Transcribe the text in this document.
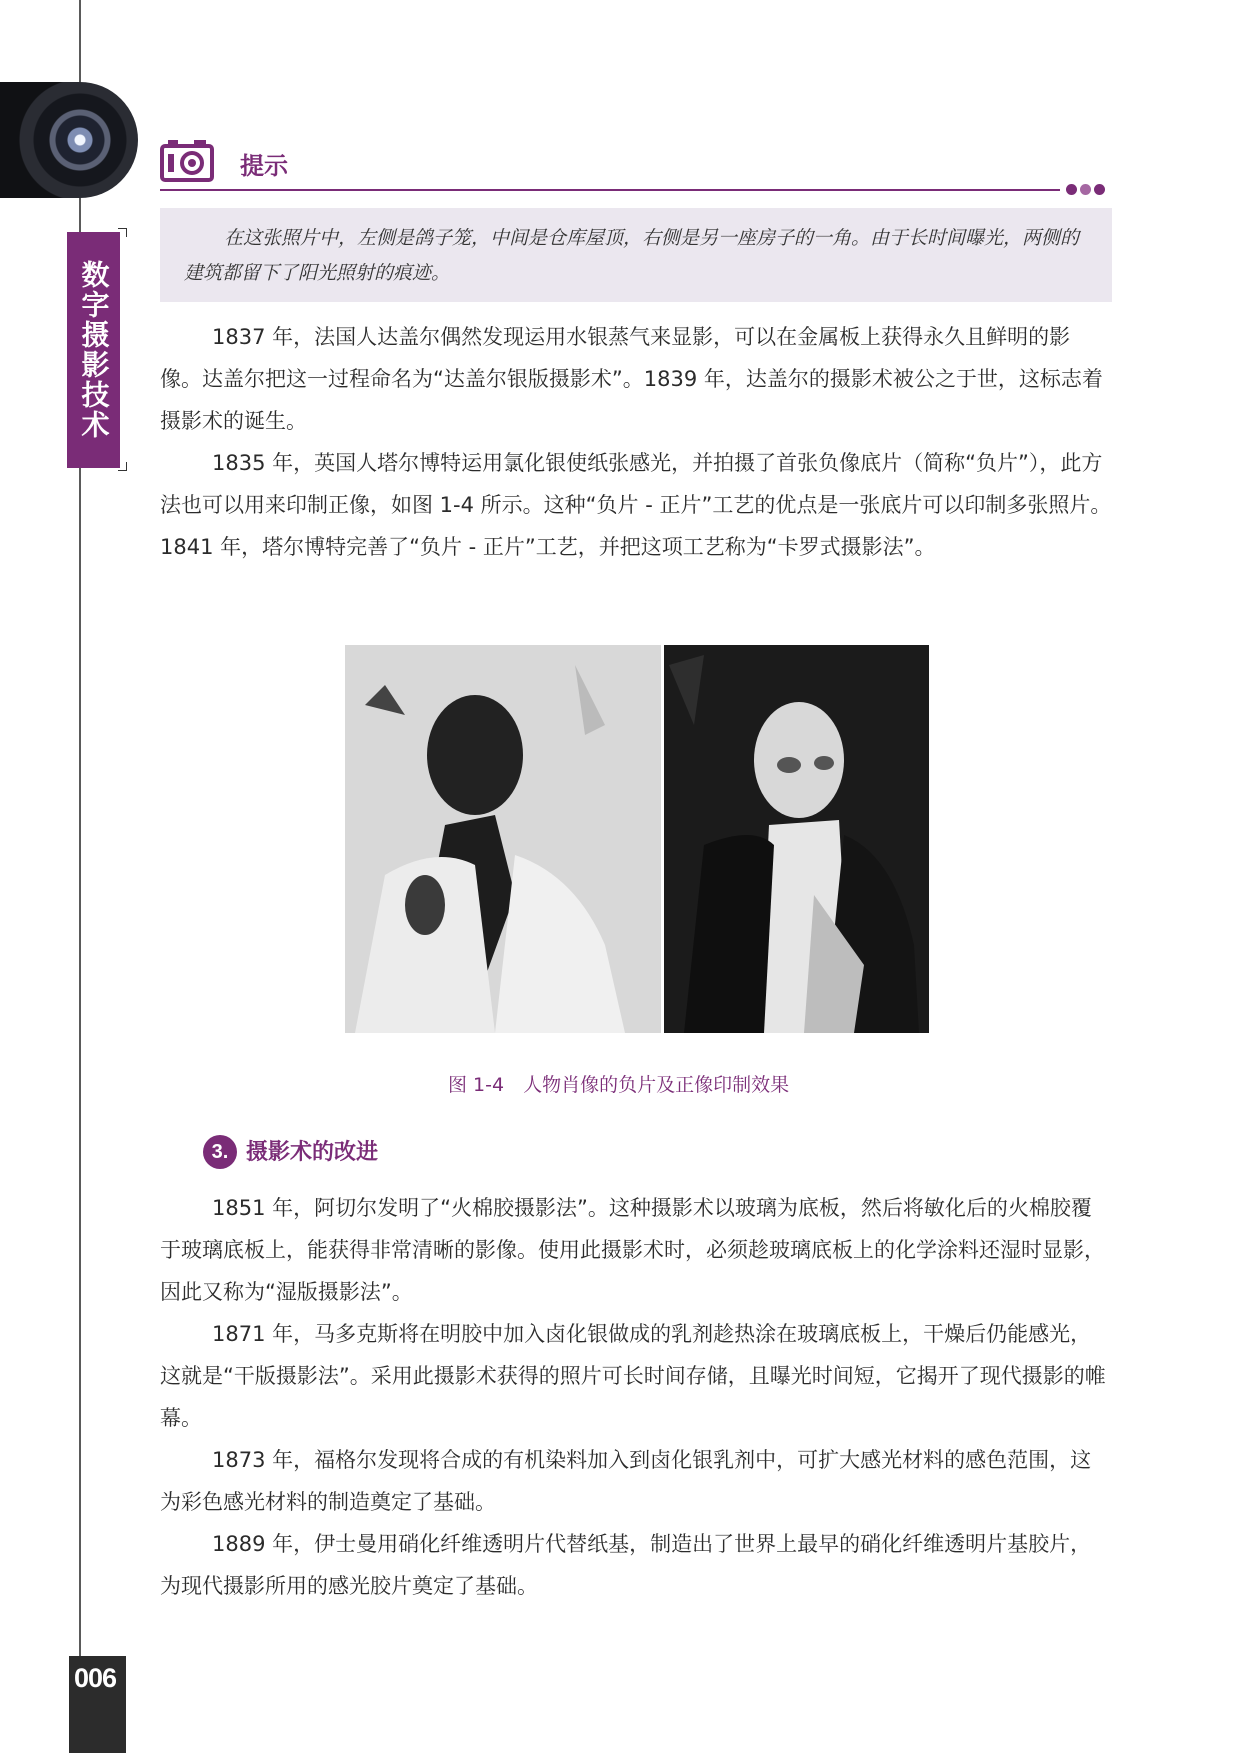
数字摄影技术
提示
在这张照片中，左侧是鸽子笼，中间是仓库屋顶，右侧是另一座房子的一角。由于长时间曝光，两侧的建筑都留下了阳光照射的痕迹。

1837 年，法国人达盖尔偶然发现运用水银蒸气来显影，可以在金属板上获得永久且鲜明的影像。达盖尔把这一过程命名为“达盖尔银版摄影术”。1839 年，达盖尔的摄影术被公之于世，这标志着摄影术的诞生。

1835 年，英国人塔尔博特运用氯化银使纸张感光，并拍摄了首张负像底片（简称“负片”），此方法也可以用来印制正像，如图 1-4 所示。这种“负片 - 正片”工艺的优点是一张底片可以印制多张照片。1841 年，塔尔博特完善了“负片 - 正片”工艺，并把这项工艺称为“卡罗式摄影法”。

图 1-4　人物肖像的负片及正像印制效果
3. 摄影术的改进

1851 年，阿切尔发明了“火棉胶摄影法”。这种摄影术以玻璃为底板，然后将敏化后的火棉胶覆于玻璃底板上，能获得非常清晰的影像。使用此摄影术时，必须趁玻璃底板上的化学涂料还湿时显影，因此又称为“湿版摄影法”。

1871 年，马多克斯将在明胶中加入卤化银做成的乳剂趁热涂在玻璃底板上，干燥后仍能感光，这就是“干版摄影法”。采用此摄影术获得的照片可长时间存储，且曝光时间短，它揭开了现代摄影的帷幕。

1873 年，福格尔发现将合成的有机染料加入到卤化银乳剂中，可扩大感光材料的感色范围，这为彩色感光材料的制造奠定了基础。

1889 年，伊士曼用硝化纤维透明片代替纸基，制造出了世界上最早的硝化纤维透明片基胶片，为现代摄影所用的感光胶片奠定了基础。

006
